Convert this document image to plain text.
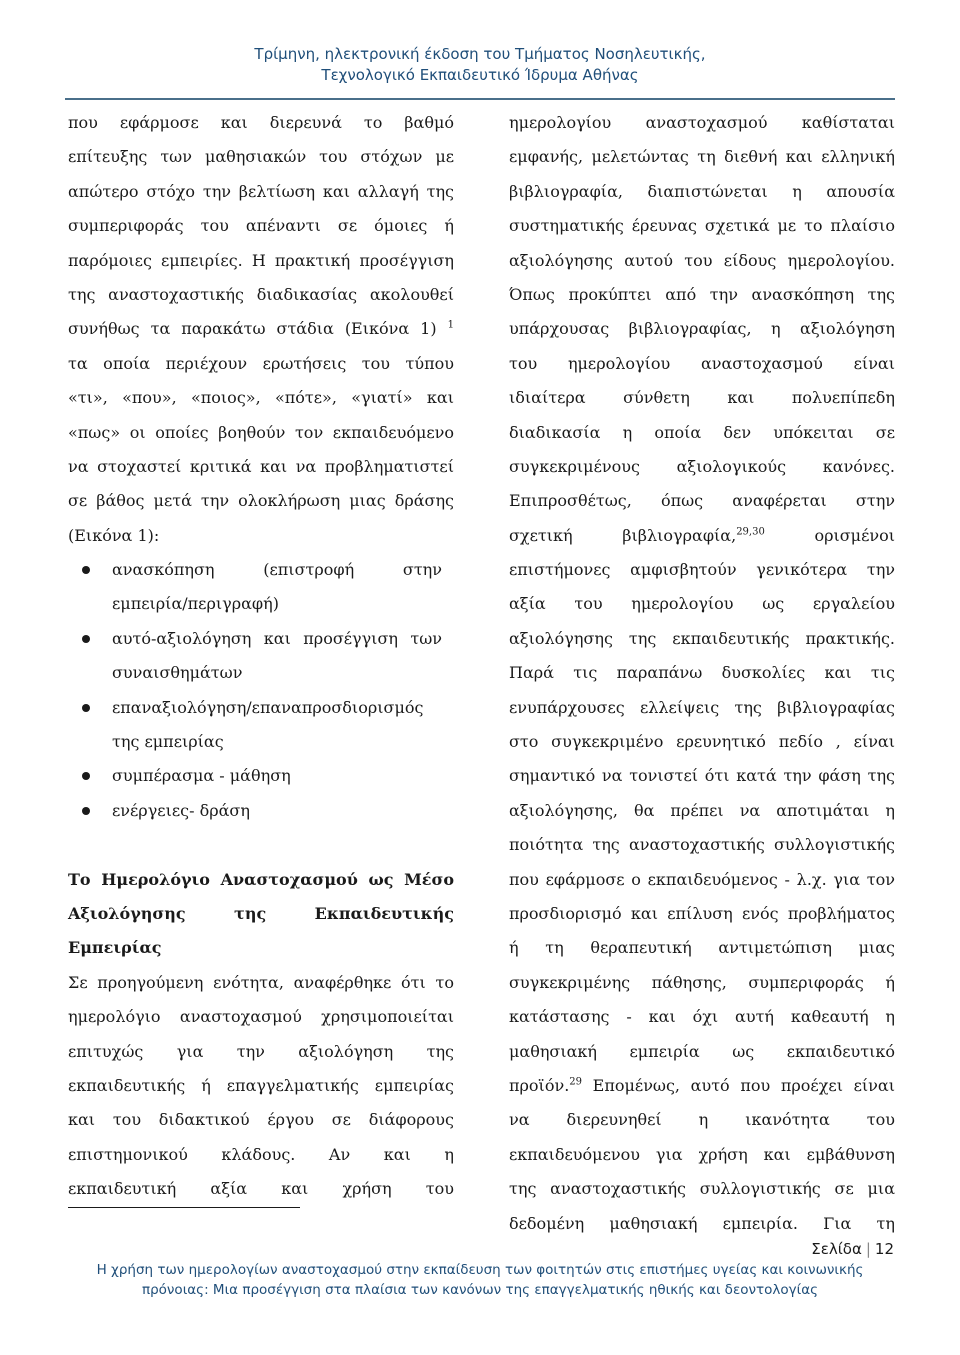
Τρίμηνη, ηλεκτρονική έκδοση του Τμήματος Νοσηλευτικής,
Τεχνολογικό Εκπαιδευτικό Ίδρυμα Αθήνας
που εφάρμοσε και διερευνά το βαθμό
επίτευξης των μαθησιακών του στόχων με
απώτερο στόχο την βελτίωση και αλλαγή της
συμπεριφοράς του απέναντι σε όμοιες ή
παρόμοιες εμπειρίες. Η πρακτική προσέγγιση
της αναστοχαστικής διαδικασίας ακολουθεί
συνήθως τα παρακάτω στάδια (Εικόνα 1) $^1$
τα οποία περιέχουν ερωτήσεις του τύπου
«τι», «που», «ποιος», «πότε», «γιατί» και
«πως» οι οποίες βοηθούν τον εκπαιδευόμενο
να στοχαστεί κριτικά και να προβληματιστεί
σε βάθος μετά την ολοκλήρωση μιας δράσης
(Εικόνα 1):
ανασκόπηση (επιστροφή στην
εμπειρία/περιγραφή)
αυτό-αξιολόγηση και προσέγγιση των
συναισθημάτων
επαναξιολόγηση/επαναπροσδιορισμός
της εμπειρίας
συμπέρασμα - μάθηση
ενέργειες- δράση
Το Ημερολόγιο Αναστοχασμού ως Μέσο
Αξιολόγησης της Εκπαιδευτικής
Εμπειρίας
Σε προηγούμενη ενότητα, αναφέρθηκε ότι το
ημερολόγιο αναστοχασμού χρησιμοποιείται
επιτυχώς για την αξιολόγηση της
εκπαιδευτικής ή επαγγελματικής εμπειρίας
και του διδακτικού έργου σε διάφορους
επιστημονικού κλάδους. Αν και η
εκπαιδευτική αξία και χρήση του
ημερολογίου αναστοχασμού καθίσταται
εμφανής, μελετώντας τη διεθνή και ελληνική
βιβλιογραφία, διαπιστώνεται η απουσία
συστηματικής έρευνας σχετικά με το πλαίσιο
αξιολόγησης αυτού του είδους ημερολογίου.
Όπως προκύπτει από την ανασκόπηση της
υπάρχουσας βιβλιογραφίας, η αξιολόγηση
του ημερολογίου αναστοχασμού είναι
ιδιαίτερα σύνθετη και πολυεπίπεδη
διαδικασία η οποία δεν υπόκειται σε
συγκεκριμένους αξιολογικούς κανόνες.
Επιπροσθέτως, όπως αναφέρεται στην
σχετική βιβλιογραφία,$^{29,30}$	ορισμένοι
επιστήμονες αμφισβητούν γενικότερα την
αξία του ημερολογίου ως εργαλείου
αξιολόγησης της εκπαιδευτικής πρακτικής.
Παρά τις παραπάνω δυσκολίες και τις
ενυπάρχουσες ελλείψεις της βιβλιογραφίας
στο συγκεκριμένο ερευνητικό πεδίο , είναι
σημαντικό να τονιστεί ότι κατά την φάση της
αξιολόγησης, θα πρέπει να αποτιμάται η
ποιότητα της αναστοχαστικής συλλογιστικής
που εφάρμοσε ο εκπαιδευόμενος - λ.χ. για τον
προσδιορισμό και επίλυση ενός προβλήματος
ή τη θεραπευτική αντιμετώπιση μιας
συγκεκριμένης πάθησης, συμπεριφοράς ή
κατάστασης - και όχι αυτή καθεαυτή η
μαθησιακή εμπειρία ως εκπαιδευτικό
προϊόν.$^{29}$ Επομένως, αυτό που προέχει είναι
να διερευνηθεί η ικανότητα του
εκπαιδευόμενου για χρήση και εμβάθυνση
της αναστοχαστικής συλλογιστικής σε μια
δεδομένη μαθησιακή εμπειρία. Για τη
Σελίδα | 12
Η χρήση των ημερολογίων αναστοχασμού στην εκπαίδευση των φοιτητών στις επιστήμες υγείας και κοινωνικής
πρόνοιας: Μια προσέγγιση στα πλαίσια των κανόνων της επαγγελματικής ηθικής και δεοντολογίας
